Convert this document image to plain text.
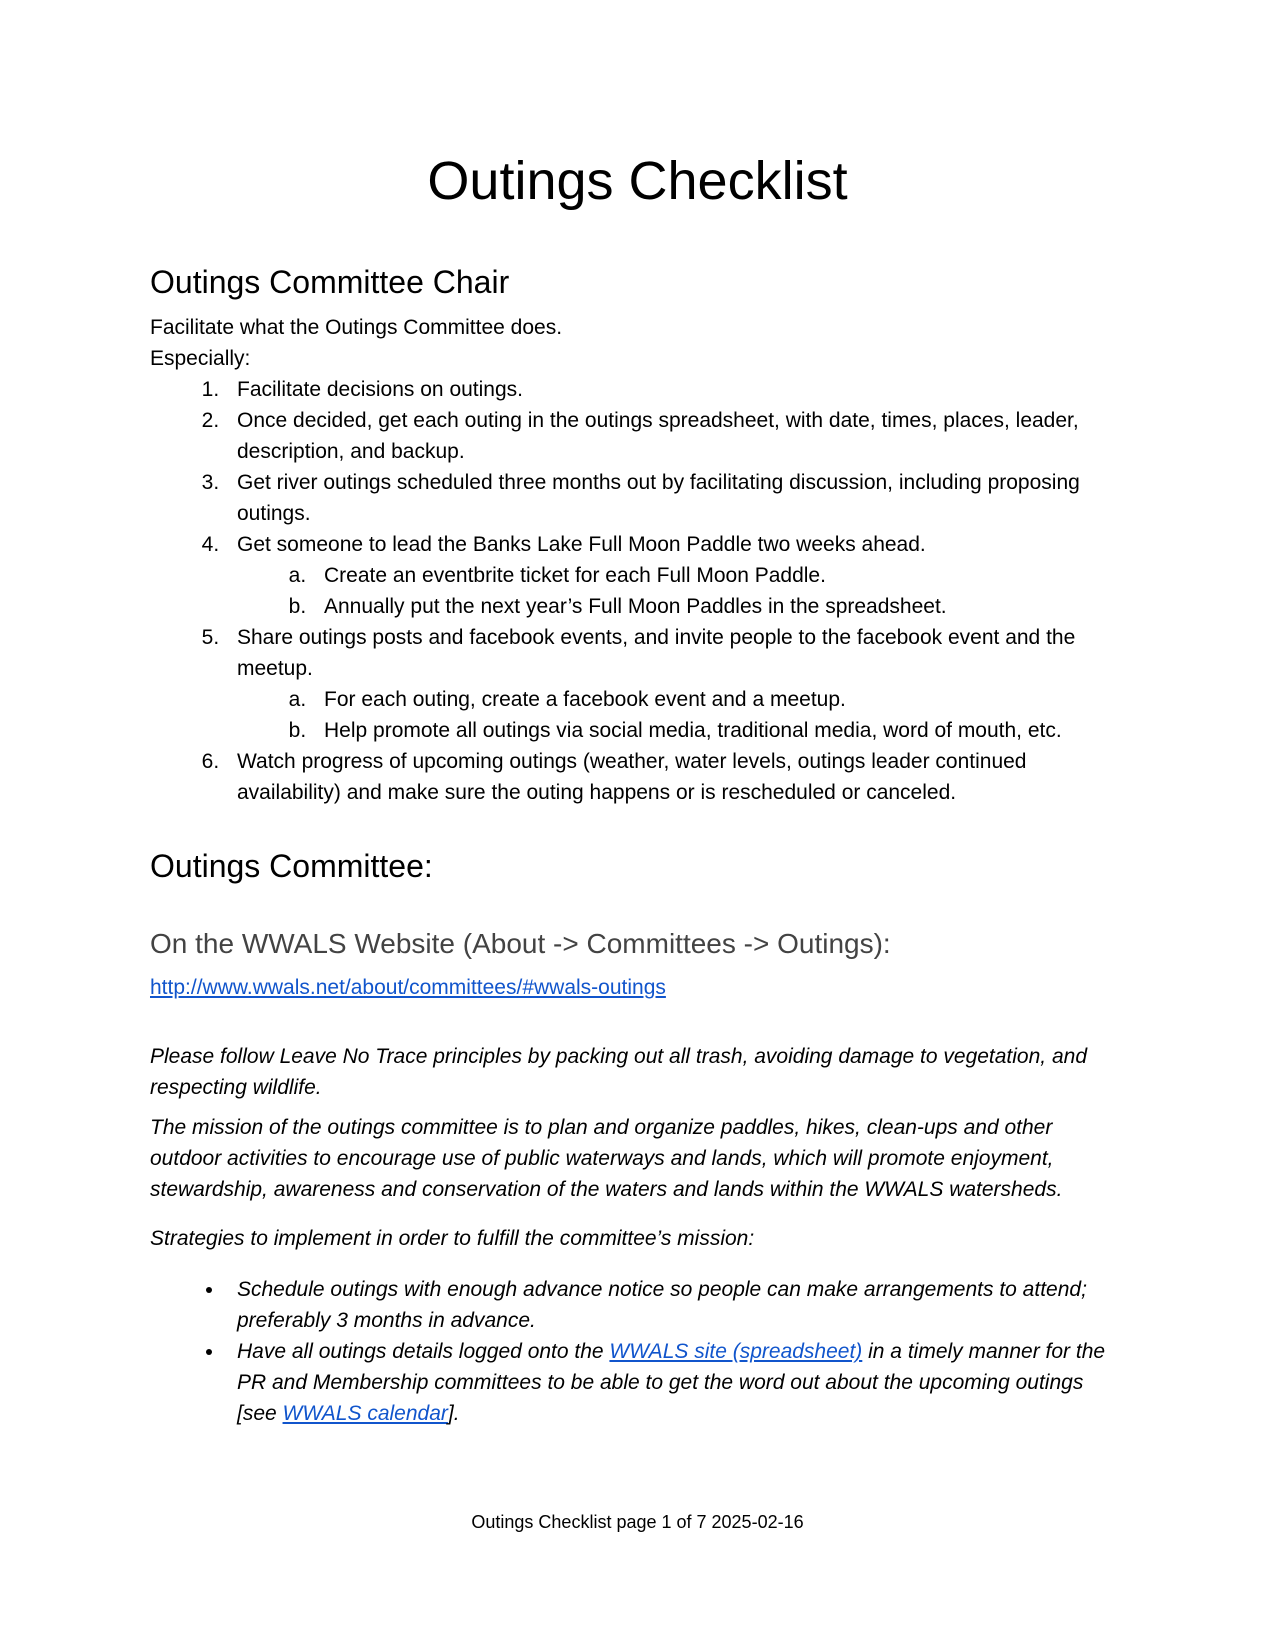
Outings Checklist
Outings Committee Chair

Facilitate what the Outings Committee does.

Especially:

1. Facilitate decisions on outings.
2. Once decided, get each outing in the outings spreadsheet, with date, times, places, leader, description, and backup.
3. Get river outings scheduled three months out by facilitating discussion, including proposing outings.
4. Get someone to lead the Banks Lake Full Moon Paddle two weeks ahead.
a. Create an eventbrite ticket for each Full Moon Paddle.
b. Annually put the next year’s Full Moon Paddles in the spreadsheet.
5. Share outings posts and facebook events, and invite people to the facebook event and the meetup.
a. For each outing, create a facebook event and a meetup.
b. Help promote all outings via social media, traditional media, word of mouth, etc.
6. Watch progress of upcoming outings (weather, water levels, outings leader continued availability) and make sure the outing happens or is rescheduled or canceled.
Outings Committee:
On the WWALS Website (About -> Committees -> Outings):

http://www.wwals.net/about/committees/#wwals-outings

Please follow Leave No Trace principles by packing out all trash, avoiding damage to vegetation, and respecting wildlife.

The mission of the outings committee is to plan and organize paddles, hikes, clean-ups and other outdoor activities to encourage use of public waterways and lands, which will promote enjoyment, stewardship, awareness and conservation of the waters and lands within the WWALS watersheds.

Strategies to implement in order to fulfill the committee’s mission:

• Schedule outings with enough advance notice so people can make arrangements to attend; preferably 3 months in advance.
• Have all outings details logged onto the WWALS site (spreadsheet) in a timely manner for the PR and Membership committees to be able to get the word out about the upcoming outings [see WWALS calendar].
Outings Checklist page 1 of 7 2025-02-16
